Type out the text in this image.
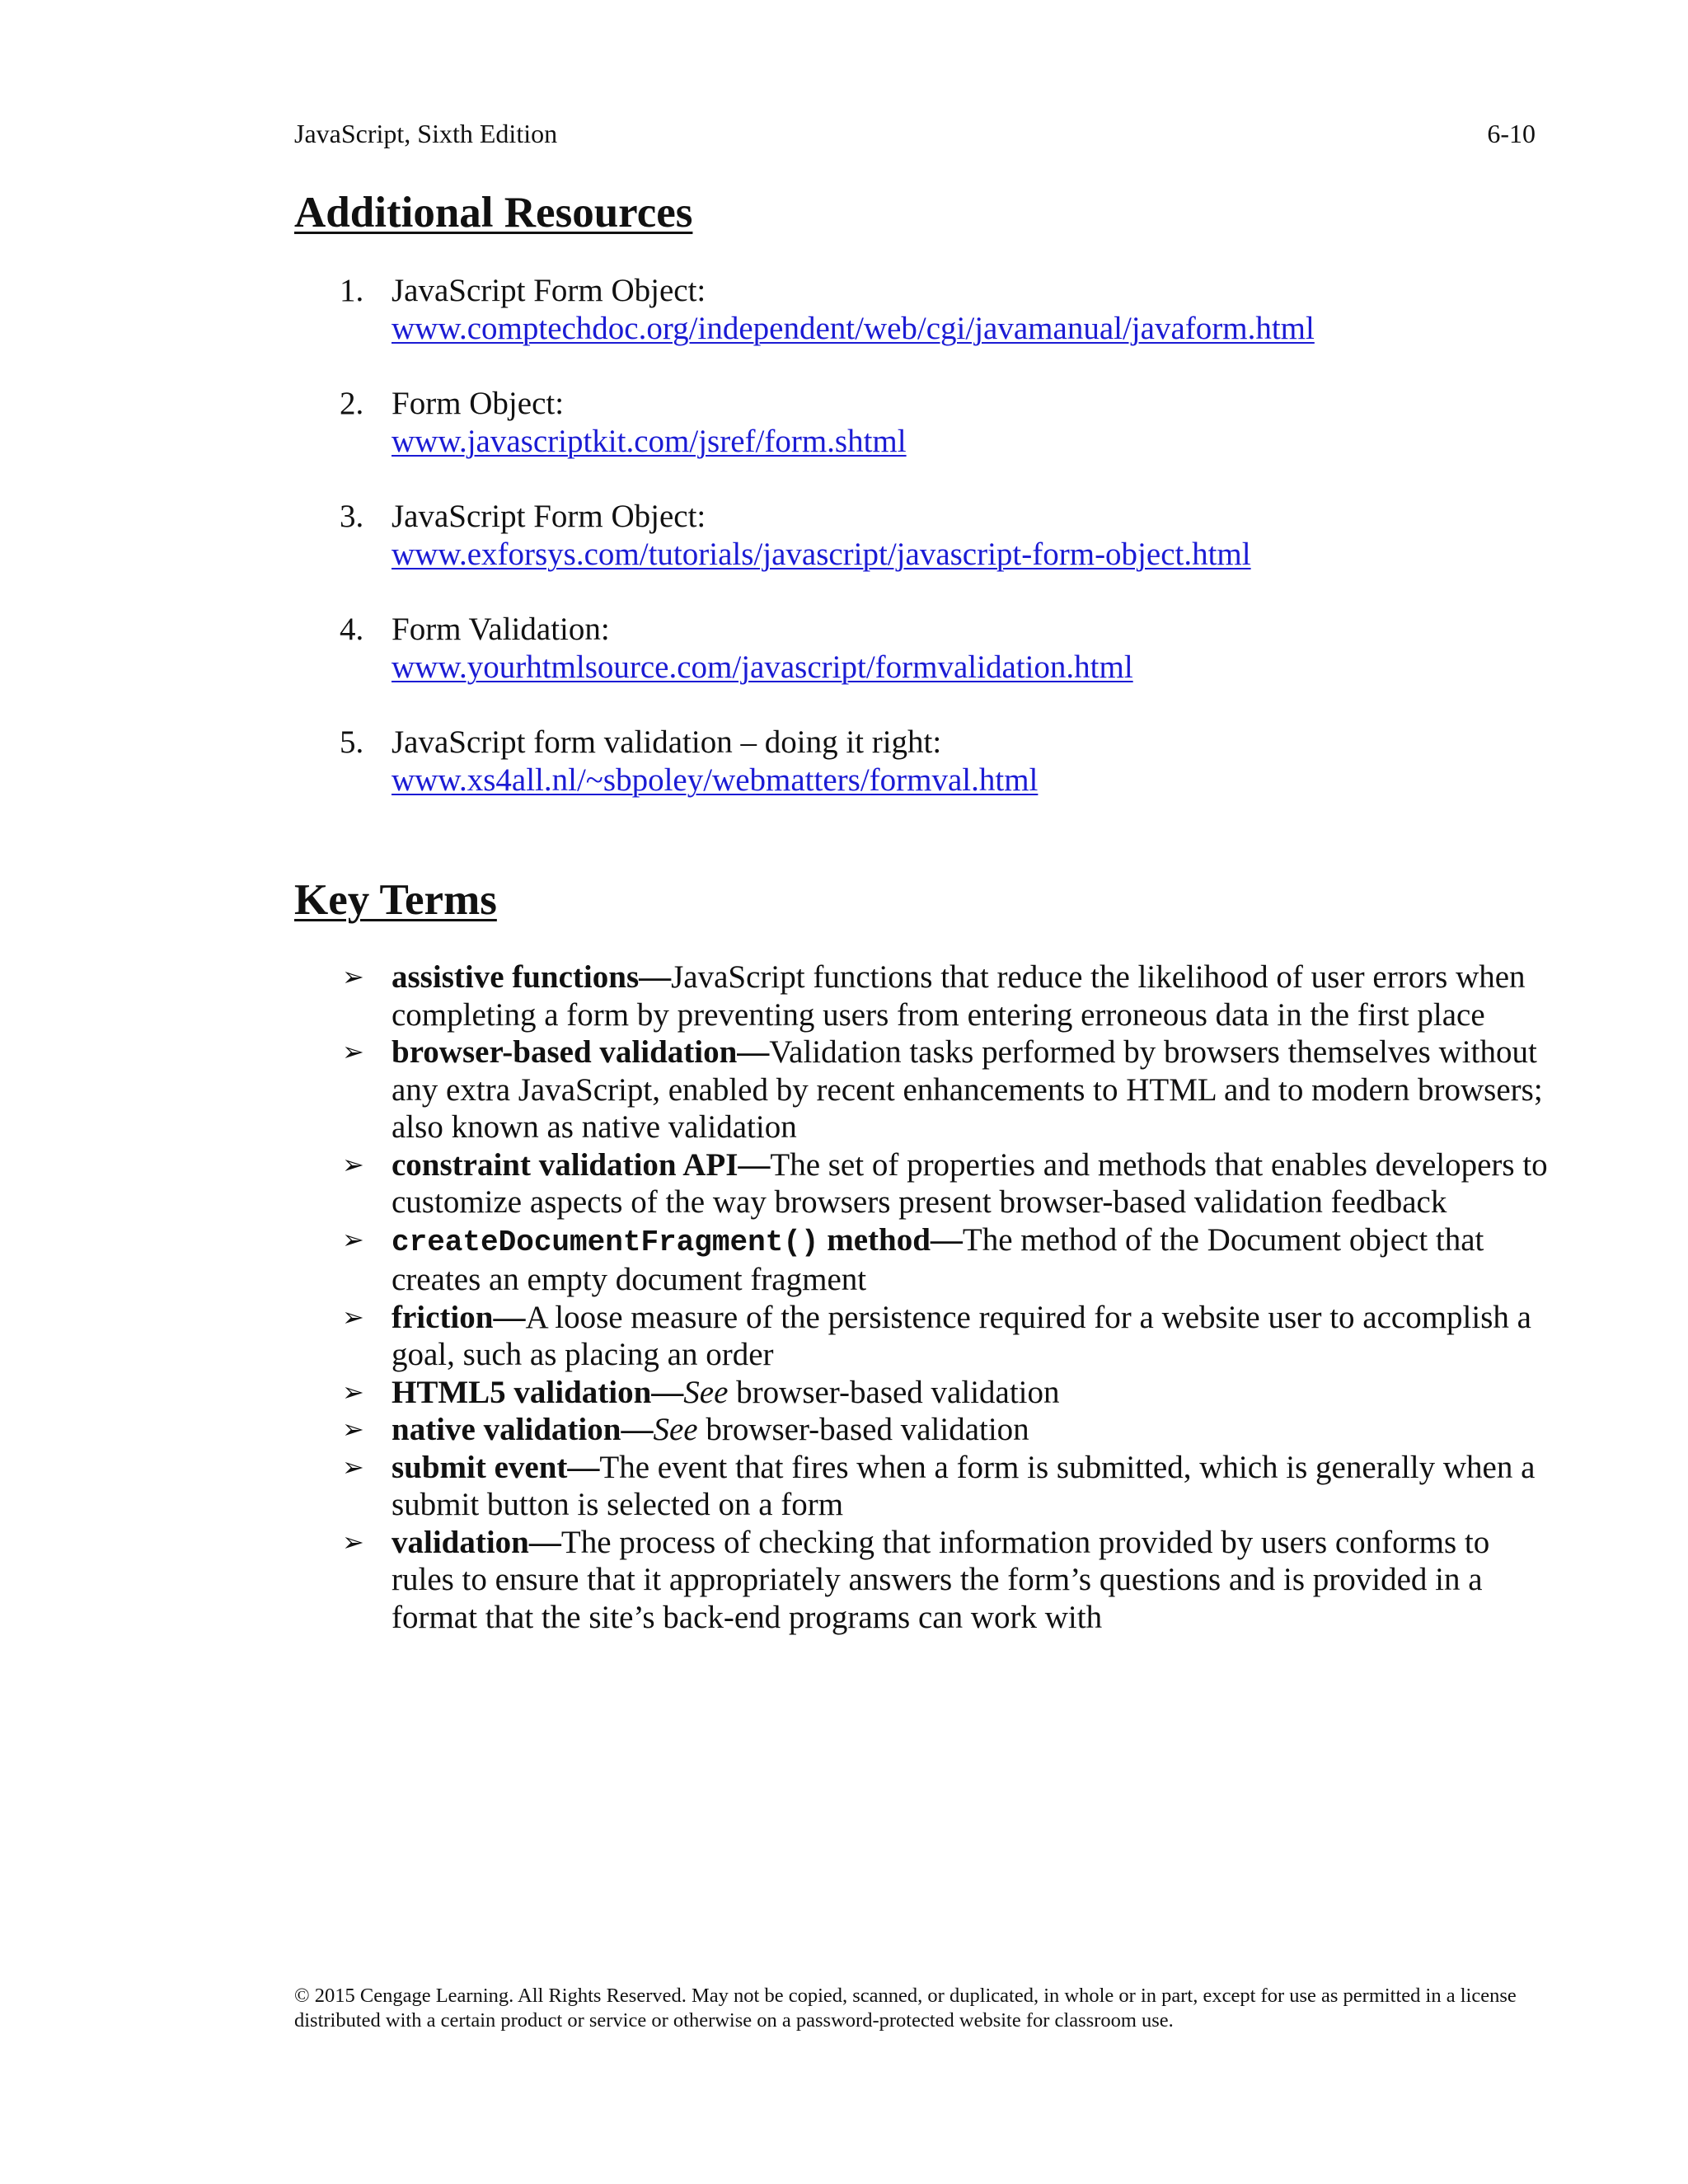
JavaScript, Sixth Edition	6-10
Additional Resources
1. JavaScript Form Object:
www.comptechdoc.org/independent/web/cgi/javamanual/javaform.html
2. Form Object:
www.javascriptkit.com/jsref/form.shtml
3. JavaScript Form Object:
www.exforsys.com/tutorials/javascript/javascript-form-object.html
4. Form Validation:
www.yourhtmlsource.com/javascript/formvalidation.html
5. JavaScript form validation – doing it right:
www.xs4all.nl/~sbpoley/webmatters/formval.html
Key Terms
➢ assistive functions—JavaScript functions that reduce the likelihood of user errors when completing a form by preventing users from entering erroneous data in the first place
➢ browser-based validation—Validation tasks performed by browsers themselves without any extra JavaScript, enabled by recent enhancements to HTML and to modern browsers; also known as native validation
➢ constraint validation API—The set of properties and methods that enables developers to customize aspects of the way browsers present browser-based validation feedback
➢ createDocumentFragment() method—The method of the Document object that creates an empty document fragment
➢ friction—A loose measure of the persistence required for a website user to accomplish a goal, such as placing an order
➢ HTML5 validation—See browser-based validation
➢ native validation—See browser-based validation
➢ submit event—The event that fires when a form is submitted, which is generally when a submit button is selected on a form
➢ validation—The process of checking that information provided by users conforms to rules to ensure that it appropriately answers the form’s questions and is provided in a format that the site’s back-end programs can work with
© 2015 Cengage Learning. All Rights Reserved. May not be copied, scanned, or duplicated, in whole or in part, except for use as permitted in a license distributed with a certain product or service or otherwise on a password-protected website for classroom use.
